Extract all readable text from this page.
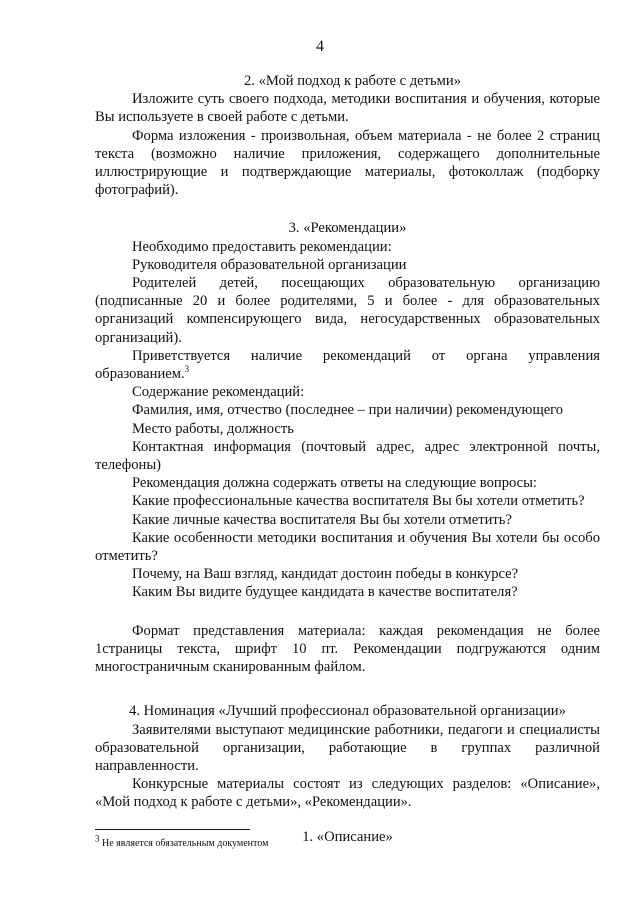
4

2. «Мой подход к работе с детьми»

Изложите суть своего подхода, методики воспитания и обучения, которые Вы используете в своей работе с детьми.

Форма изложения - произвольная, объем материала - не более 2 страниц текста (возможно наличие приложения, содержащего дополнительные иллюстрирующие и подтверждающие материалы, фотоколлаж (подборку фотографий).

3. «Рекомендации»

Необходимо предоставить рекомендации:

Руководителя образовательной организации

Родителей детей, посещающих образовательную организацию (подписанные 20 и более родителями, 5 и более - для образовательных организаций компенсирующего вида, негосударственных образовательных организаций).

Приветствуется наличие рекомендаций от органа управления образованием.$^3$

Содержание рекомендаций:

Фамилия, имя, отчество (последнее – при наличии) рекомендующего

Место работы, должность

Контактная информация (почтовый адрес, адрес электронной почты, телефоны)

Рекомендация должна содержать ответы на следующие вопросы:

Какие профессиональные качества воспитателя Вы бы хотели отметить?

Какие личные качества воспитателя Вы бы хотели отметить?

Какие особенности методики воспитания и обучения Вы хотели бы особо отметить?

Почему, на Ваш взгляд, кандидат достоин победы в конкурсе?

Каким Вы видите будущее кандидата в качестве воспитателя?

Формат представления материала: каждая рекомендация не более 1страницы текста, шрифт 10 пт. Рекомендации подгружаются одним многостраничным сканированным файлом.

4. Номинация «Лучший профессионал образовательной организации»

Заявителями выступают медицинские работники, педагоги и специалисты образовательной организации, работающие в группах различной направленности.

Конкурсные материалы состоят из следующих разделов: «Описание», «Мой подход к работе с детьми», «Рекомендации».

1. «Описание»

$^3$ Не является обязательным документом
